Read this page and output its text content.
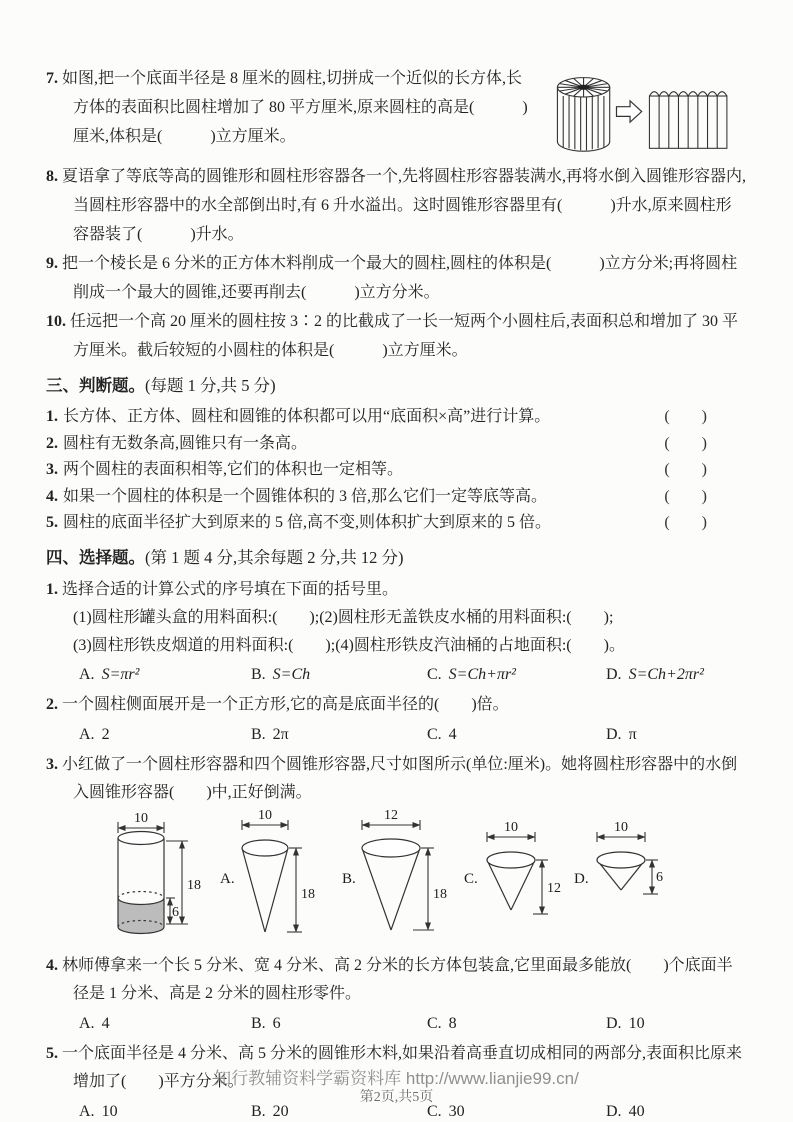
7. 如图,把一个底面半径是 8 厘米的圆柱,切拼成一个近似的长方体,长方体的表面积比圆柱增加了 80 平方厘米,原来圆柱的高是(　　　)厘米,体积是(　　　)立方厘米。

8. 夏语拿了等底等高的圆锥形和圆柱形容器各一个,先将圆柱形容器装满水,再将水倒入圆锥形容器内,当圆柱形容器中的水全部倒出时,有 6 升水溢出。这时圆锥形容器里有(　　　)升水,原来圆柱形容器装了(　　　)升水。

9. 把一个棱长是 6 分米的正方体木料削成一个最大的圆柱,圆柱的体积是(　　　)立方分米;再将圆柱削成一个最大的圆锥,还要再削去(　　　)立方分米。

10. 任远把一个高 20 厘米的圆柱按 3∶2 的比截成了一长一短两个小圆柱后,表面积总和增加了 30 平方厘米。截后较短的小圆柱的体积是(　　　)立方厘米。

三、判断题。(每题 1 分,共 5 分)
1. 长方体、正方体、圆柱和圆锥的体积都可以用“底面积×高”进行计算。	(　　)
2. 圆柱有无数条高,圆锥只有一条高。	(　　)
3. 两个圆柱的表面积相等,它们的体积也一定相等。	(　　)
4. 如果一个圆柱的体积是一个圆锥体积的 3 倍,那么它们一定等底等高。	(　　)
5. 圆柱的底面半径扩大到原来的 5 倍,高不变,则体积扩大到原来的 5 倍。	(　　)
四、选择题。(第 1 题 4 分,其余每题 2 分,共 12 分)

1. 选择合适的计算公式的序号填在下面的括号里。

(1)圆柱形罐头盒的用料面积:(　　);(2)圆柱形无盖铁皮水桶的用料面积:(　　);
(3)圆柱形铁皮烟道的用料面积:(　　);(4)圆柱形铁皮汽油桶的占地面积:(　　)。
A. S=πr²	B. S=Ch	C. S=Ch+πr²	D. S=Ch+2πr²

2. 一个圆柱侧面展开是一个正方形,它的高是底面半径的(　　)倍。

A. 2	B. 2π	C. 4	D. π

3. 小红做了一个圆柱形容器和四个圆锥形容器,尺寸如图所示(单位:厘米)。她将圆柱形容器中的水倒入圆锥形容器(　　)中,正好倒满。

10
18
6
A.
10
18
B.
12
18
C.
10
12
D.
10
6

4. 林师傅拿来一个长 5 分米、宽 4 分米、高 2 分米的长方体包装盒,它里面最多能放(　　)个底面半径是 1 分米、高是 2 分米的圆柱形零件。

A. 4	B. 6	C. 8	D. 10

5. 一个底面半径是 4 分米、高 5 分米的圆锥形木料,如果沿着高垂直切成相同的两部分,表面积比原来增加了(　　)平方分米。

A. 10	B. 20	C. 30	D. 40
知行教辅资料学霸资料库 http://www.lianjie99.cn/
第2页,共5页
